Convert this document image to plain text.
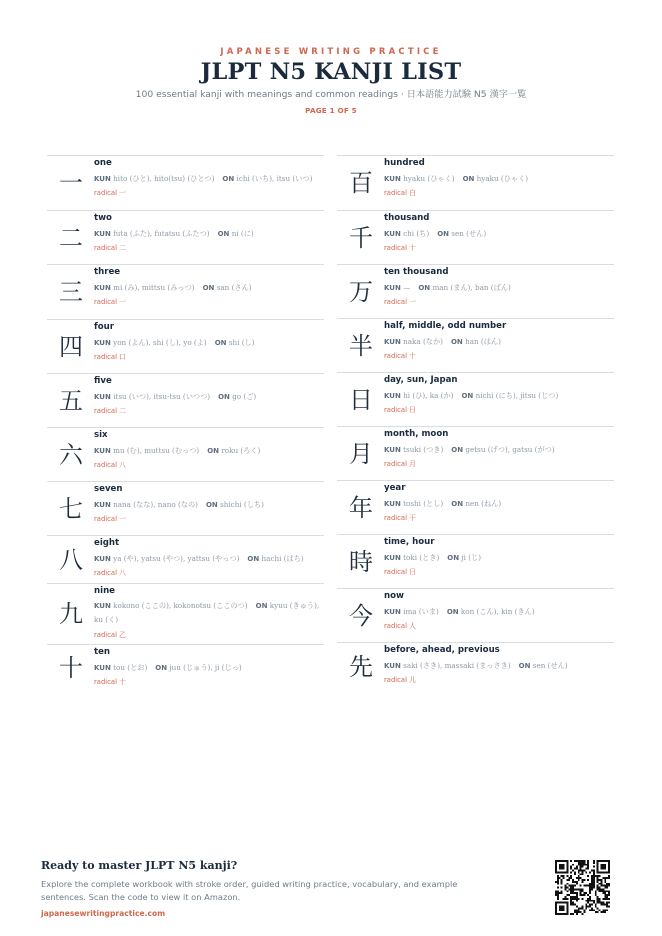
JAPANESE WRITING PRACTICE
JLPT N5 KANJI LIST
100 essential kanji with meanings and common readings · 日本語能力試験 N5 漢字一覧
PAGE 1 OF 5
一
one
KUN hito (ひと), hito(tsu) (ひとつ) ON ichi (いち), itsu (いつ)
radical 一
二
two
KUN futa (ふた), futatsu (ふたつ) ON ni (に)
radical 二
三
three
KUN mi (み), mittsu (みっつ) ON san (さん)
radical 一
四
four
KUN yon (よん), shi (し), yo (よ) ON shi (し)
radical 口
五
five
KUN itsu (いつ), itsu-tsu (いつつ) ON go (ご)
radical 二
六
six
KUN mu (む), muttsu (むっつ) ON roku (ろく)
radical 八
七
seven
KUN nana (なな), nano (なの) ON shichi (しち)
radical 一
八
eight
KUN ya (や), yatsu (やつ), yattsu (やっつ) ON hachi (はち)
radical 八
九
nine
KUN kokono (ここの), kokonotsu (ここのつ) ON kyuu (きゅう), ku (く)
radical 乙
十
ten
KUN tou (とお) ON juu (じゅう), ji (じっ)
radical 十
百
hundred
KUN hyaku (ひゃく) ON hyaku (ひゃく)
radical 白
千
thousand
KUN chi (ち) ON sen (せん)
radical 十
万
ten thousand
KUN — ON man (まん), ban (ばん)
radical 一
半
half, middle, odd number
KUN naka (なか) ON han (はん)
radical 十
日
day, sun, Japan
KUN hi (ひ), ka (か) ON nichi (にち), jitsu (じつ)
radical 日
月
month, moon
KUN tsuki (つき) ON getsu (げつ), gatsu (がつ)
radical 月
年
year
KUN toshi (とし) ON nen (ねん)
radical 干
時
time, hour
KUN toki (とき) ON ji (じ)
radical 日
今
now
KUN ima (いま) ON kon (こん), kin (きん)
radical 人
先
before, ahead, previous
KUN saki (さき), massaki (まっさき) ON sen (せん)
radical 儿
Ready to master JLPT N5 kanji?
Explore the complete workbook with stroke order, guided writing practice, vocabulary, and example sentences. Scan the code to view it on Amazon.
japanesewritingpractice.com
